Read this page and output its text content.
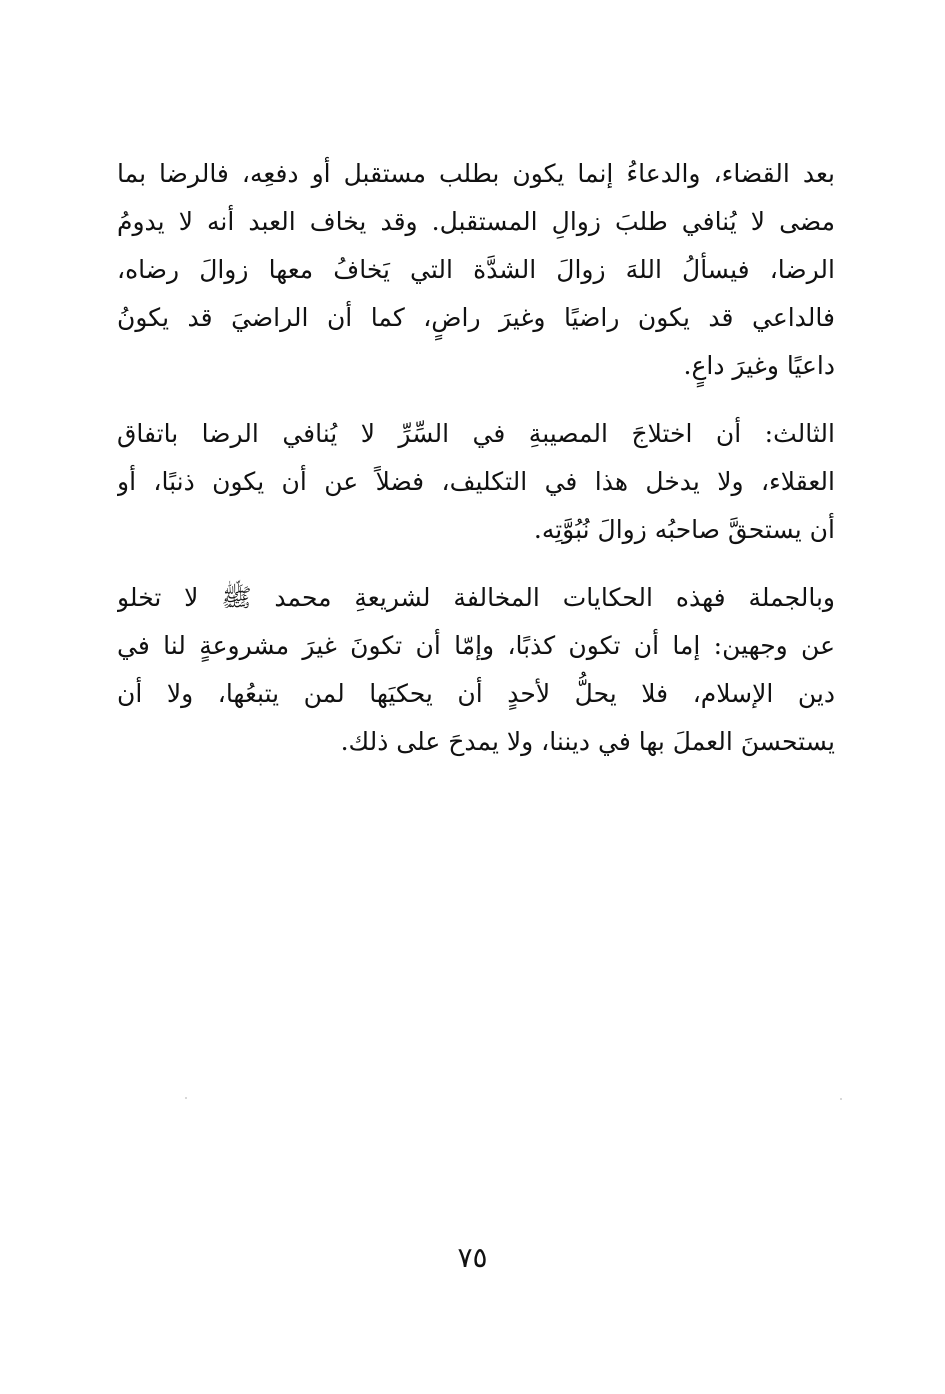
بعد القضاء، والدعاءُ إنما يكون بطلب مستقبل أو دفعِه، فالرضا بما
مضى لا يُنافي طلبَ زوالِ المستقبل. وقد يخاف العبد أنه لا يدومُ
الرضا، فيسألُ اللهَ زوالَ الشدَّة التي يَخافُ معها زوالَ رضاه،
فالداعي قد يكون راضيًا وغيرَ راضٍ، كما أن الراضيَ قد يكونُ
داعيًا وغيرَ داعٍ.
الثالث: أن اختلاجَ المصيبةِ في السِّرِّ لا يُنافي الرضا باتفاق
العقلاء، ولا يدخل هذا في التكليف، فضلاً عن أن يكون ذنبًا، أو
أن يستحقَّ صاحبُه زوالَ نُبُوَّتِه.
وبالجملة فهذه الحكايات المخالفة لشريعةِ محمد ﷺ لا تخلو
عن وجهين: إما أن تكون كذبًا، وإمّا أن تكونَ غيرَ مشروعةٍ لنا في
دين الإسلام، فلا يحلُّ لأحدٍ أن يحكيَها لمن يتبعُها، ولا أن
يستحسنَ العملَ بها في ديننا، ولا يمدحَ على ذلك.
٧٥
